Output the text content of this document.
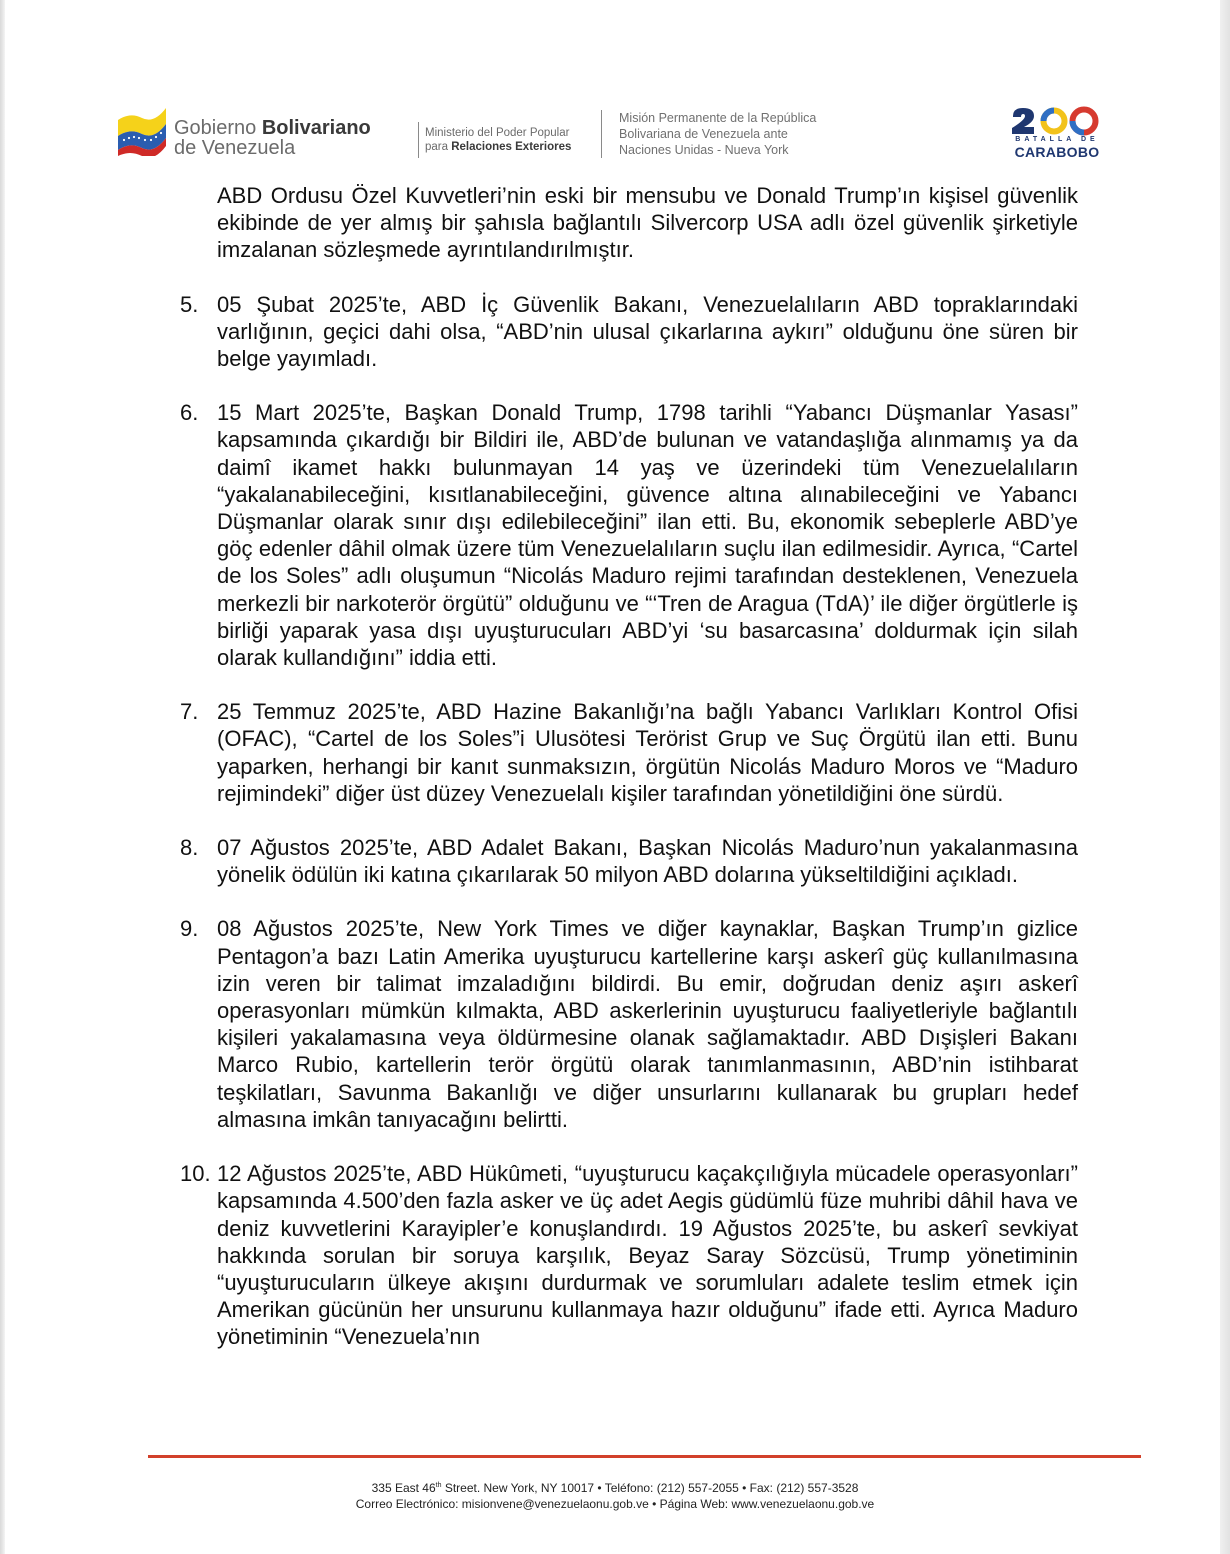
Gobierno Bolivariano
de Venezuela
Ministerio del Poder Popular
para Relaciones Exteriores
Misión Permanente de la República
Bolivariana de Venezuela ante
Naciones Unidas - Nueva York
BATALLA DE
CARABOBO

ABD Ordusu Özel Kuvvetleri’nin eski bir mensubu ve Donald Trump’ın kişisel güvenlik ekibinde de yer almış bir şahısla bağlantılı Silvercorp USA adlı özel güvenlik şirketiyle imzalanan sözleşmede ayrıntılandırılmıştır.

5. 05 Şubat 2025’te, ABD İç Güvenlik Bakanı, Venezuelalıların ABD topraklarındaki varlığının, geçici dahi olsa, “ABD’nin ulusal çıkarlarına aykırı” olduğunu öne süren bir belge yayımladı.
6. 15 Mart 2025’te, Başkan Donald Trump, 1798 tarihli “Yabancı Düşmanlar Yasası” kapsamında çıkardığı bir Bildiri ile, ABD’de bulunan ve vatandaşlığa alınmamış ya da daimî ikamet hakkı bulunmayan 14 yaş ve üzerindeki tüm Venezuelalıların “yakalanabileceğini, kısıtlanabileceğini, güvence altına alınabileceğini ve Yabancı Düşmanlar olarak sınır dışı edilebileceğini” ilan etti. Bu, ekonomik sebeplerle ABD’ye göç edenler dâhil olmak üzere tüm Venezuelalıların suçlu ilan edilmesidir. Ayrıca, “Cartel de los Soles” adlı oluşumun “Nicolás Maduro rejimi tarafından desteklenen, Venezuela merkezli bir narkoterör örgütü” olduğunu ve “‘Tren de Aragua (TdA)’ ile diğer örgütlerle iş birliği yaparak yasa dışı uyuşturucuları ABD’yi ‘su basarcasına’ doldurmak için silah olarak kullandığını” iddia etti.
7. 25 Temmuz 2025’te, ABD Hazine Bakanlığı’na bağlı Yabancı Varlıkları Kontrol Ofisi (OFAC), “Cartel de los Soles”i Ulusötesi Terörist Grup ve Suç Örgütü ilan etti. Bunu yaparken, herhangi bir kanıt sunmaksızın, örgütün Nicolás Maduro Moros ve “Maduro rejimindeki” diğer üst düzey Venezuelalı kişiler tarafından yönetildiğini öne sürdü.
8. 07 Ağustos 2025’te, ABD Adalet Bakanı, Başkan Nicolás Maduro’nun yakalanmasına yönelik ödülün iki katına çıkarılarak 50 milyon ABD dolarına yükseltildiğini açıkladı.
9. 08 Ağustos 2025’te, New York Times ve diğer kaynaklar, Başkan Trump’ın gizlice Pentagon’a bazı Latin Amerika uyuşturucu kartellerine karşı askerî güç kullanılmasına izin veren bir talimat imzaladığını bildirdi. Bu emir, doğrudan deniz aşırı askerî operasyonları mümkün kılmakta, ABD askerlerinin uyuşturucu faaliyetleriyle bağlantılı kişileri yakalamasına veya öldürmesine olanak sağlamaktadır. ABD Dışişleri Bakanı Marco Rubio, kartellerin terör örgütü olarak tanımlanmasının, ABD’nin istihbarat teşkilatları, Savunma Bakanlığı ve diğer unsurlarını kullanarak bu grupları hedef almasına imkân tanıyacağını belirtti.
10. 12 Ağustos 2025’te, ABD Hükûmeti, “uyuşturucu kaçakçılığıyla mücadele operasyonları” kapsamında 4.500’den fazla asker ve üç adet Aegis güdümlü füze muhribi dâhil hava ve deniz kuvvetlerini Karayipler’e konuşlandırdı. 19 Ağustos 2025’te, bu askerî sevkiyat hakkında sorulan bir soruya karşılık, Beyaz Saray Sözcüsü, Trump yönetiminin “uyuşturucuların ülkeye akışını durdurmak ve sorumluları adalete teslim etmek için Amerikan gücünün her unsurunu kullanmaya hazır olduğunu” ifade etti. Ayrıca Maduro yönetiminin “Venezuela’nın
335 East 46th Street. New York, NY 10017 • Teléfono: (212) 557-2055 • Fax: (212) 557-3528
Correo Electrónico: misionvene@venezuelaonu.gob.ve • Página Web: www.venezuelaonu.gob.ve
